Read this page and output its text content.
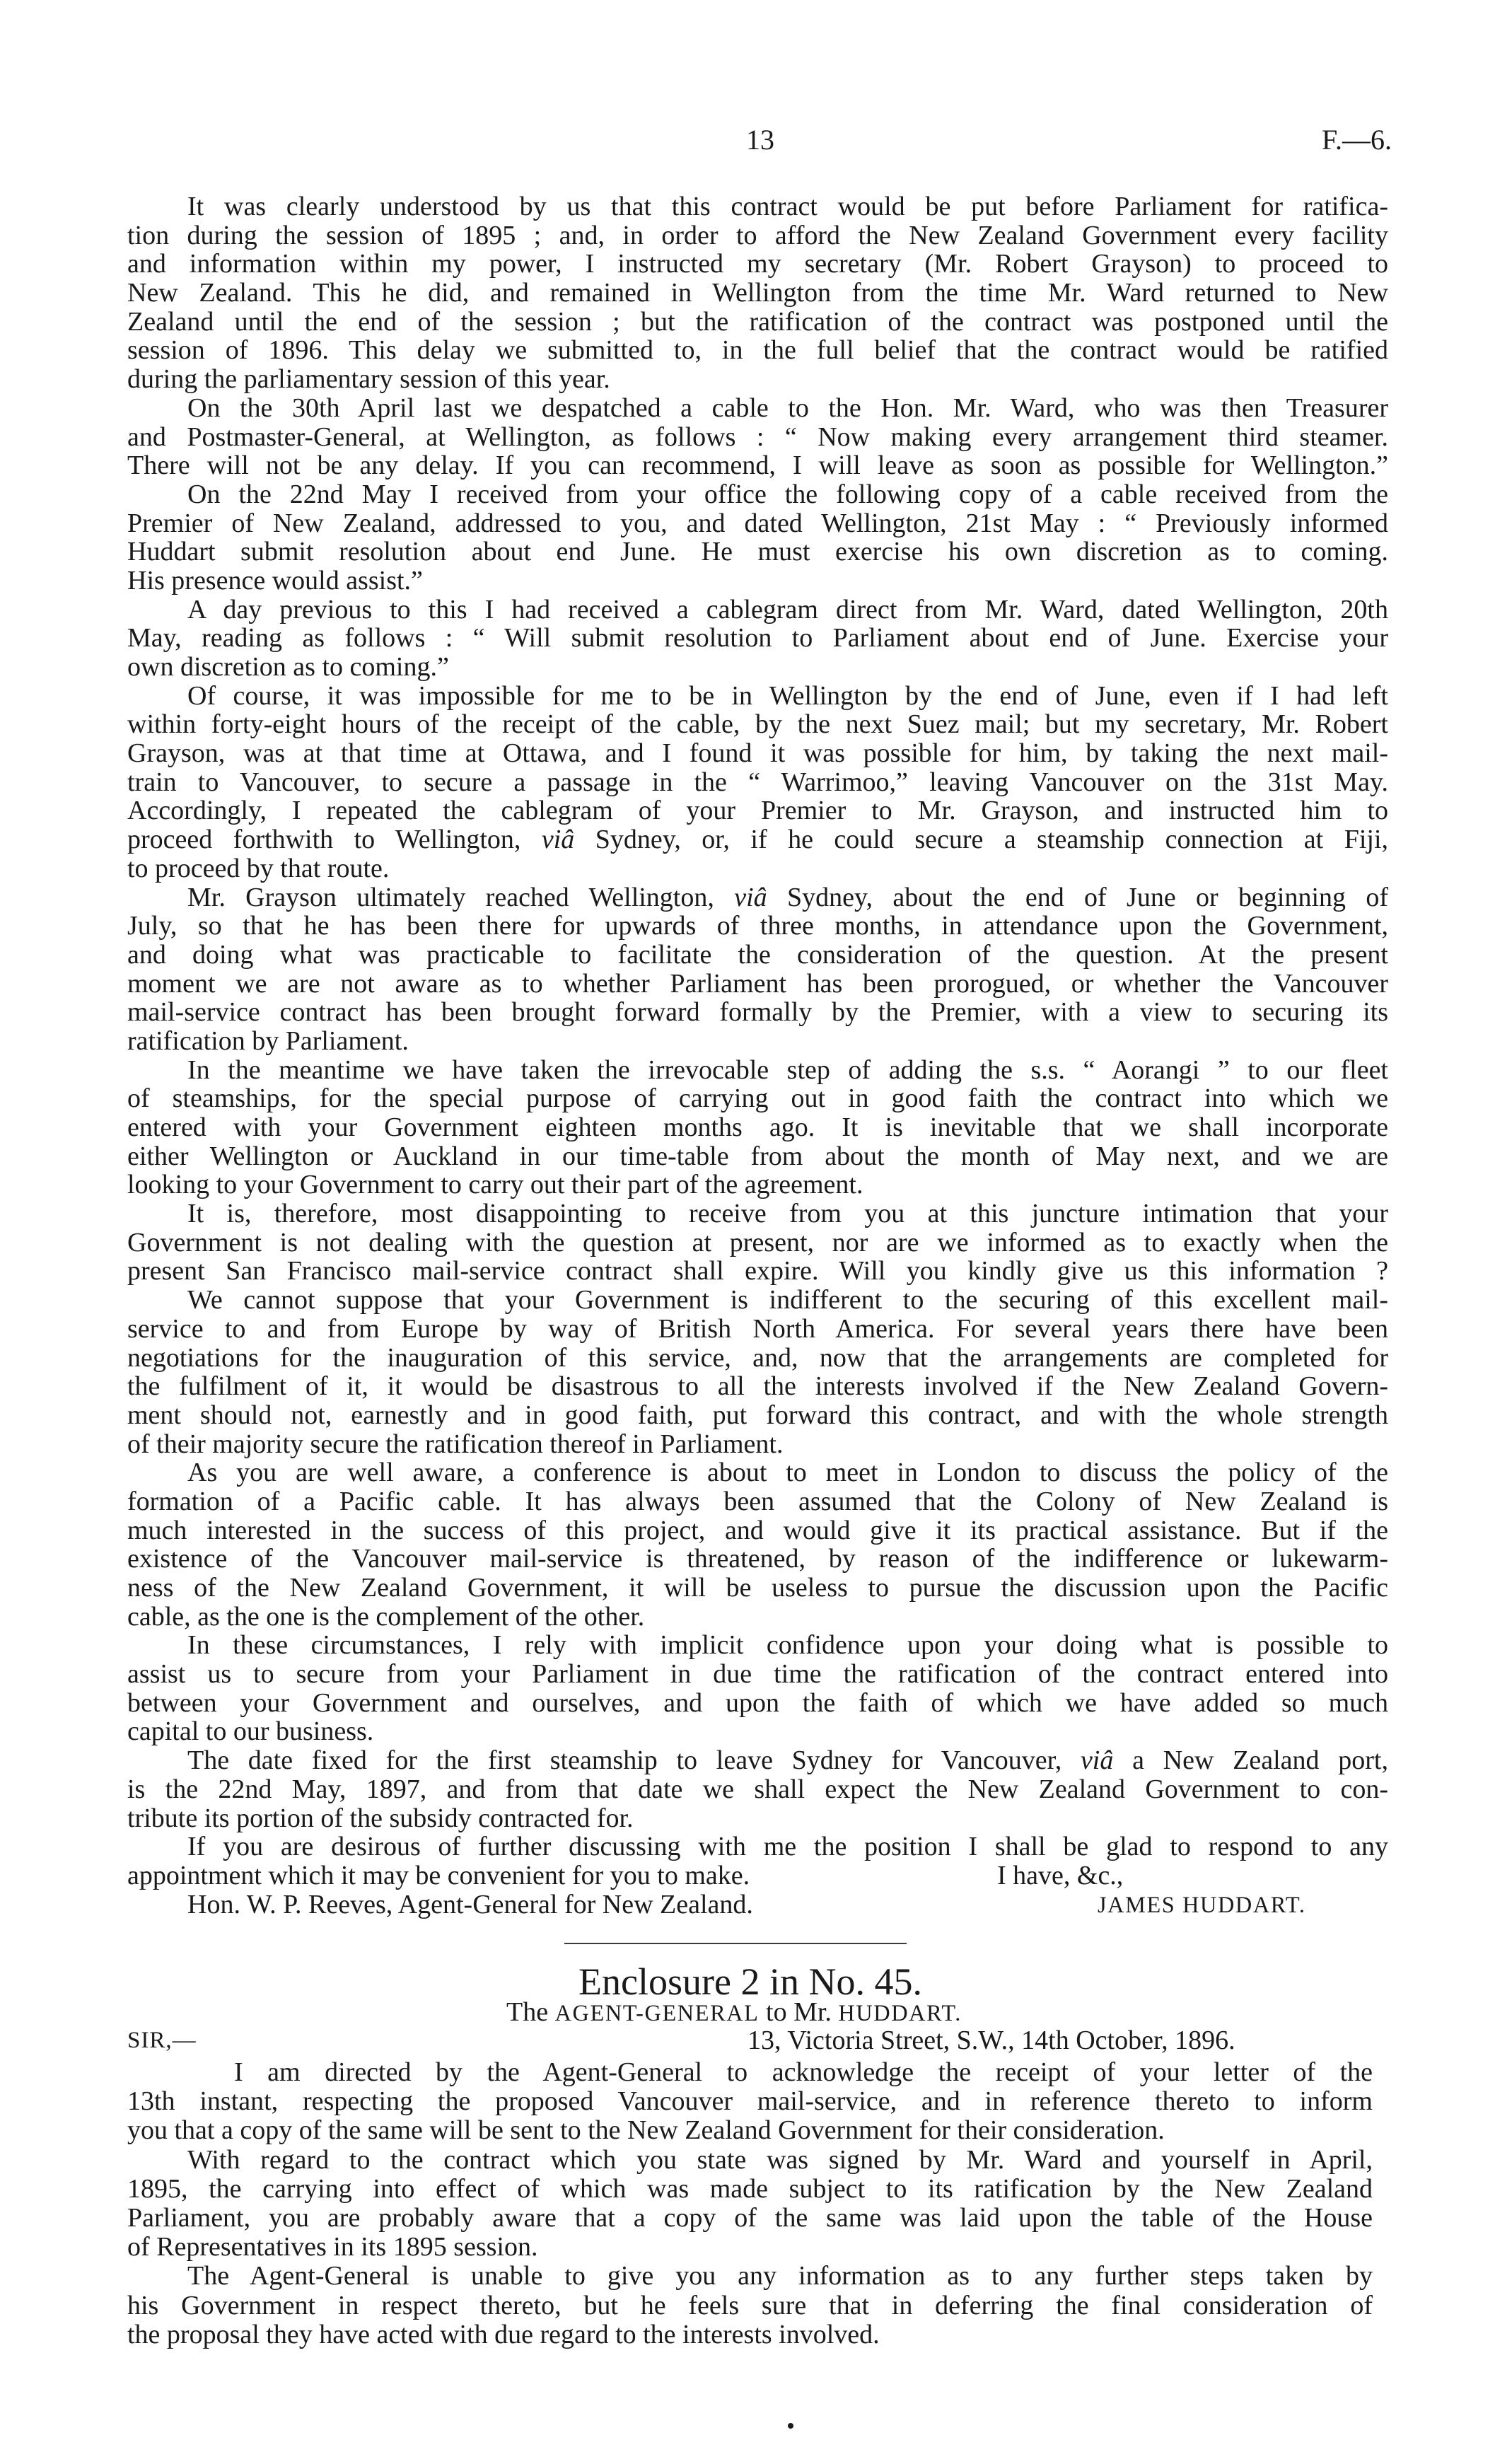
13	F.—6.
It was clearly understood by us that this contract would be put before Parliament for ratifica-
tion during the session of 1895 ; and, in order to afford the New Zealand Government every facility
and information within my power, I instructed my secretary (Mr. Robert Grayson) to proceed to
New Zealand. This he did, and remained in Wellington from the time Mr. Ward returned to New
Zealand until the end of the session ; but the ratification of the contract was postponed until the
session of 1896. This delay we submitted to, in the full belief that the contract would be ratified
during the parliamentary session of this year.
On the 30th April last we despatched a cable to the Hon. Mr. Ward, who was then Treasurer
and Postmaster-General, at Wellington, as follows : “ Now making every arrangement third steamer.
There will not be any delay. If you can recommend, I will leave as soon as possible for Wellington.”
On the 22nd May I received from your office the following copy of a cable received from the
Premier of New Zealand, addressed to you, and dated Wellington, 21st May : “ Previously informed
Huddart submit resolution about end June. He must exercise his own discretion as to coming.
His presence would assist.”
A day previous to this I had received a cablegram direct from Mr. Ward, dated Wellington, 20th
May, reading as follows : “ Will submit resolution to Parliament about end of June. Exercise your
own discretion as to coming.”
Of course, it was impossible for me to be in Wellington by the end of June, even if I had left
within forty-eight hours of the receipt of the cable, by the next Suez mail; but my secretary, Mr. Robert
Grayson, was at that time at Ottawa, and I found it was possible for him, by taking the next mail-
train to Vancouver, to secure a passage in the “ Warrimoo,” leaving Vancouver on the 31st May.
Accordingly, I repeated the cablegram of your Premier to Mr. Grayson, and instructed him to
proceed forthwith to Wellington, viâ Sydney, or, if he could secure a steamship connection at Fiji,
to proceed by that route.
Mr. Grayson ultimately reached Wellington, viâ Sydney, about the end of June or beginning of
July, so that he has been there for upwards of three months, in attendance upon the Government,
and doing what was practicable to facilitate the consideration of the question. At the present
moment we are not aware as to whether Parliament has been prorogued, or whether the Vancouver
mail-service contract has been brought forward formally by the Premier, with a view to securing its
ratification by Parliament.
In the meantime we have taken the irrevocable step of adding the s.s. “ Aorangi ” to our fleet
of steamships, for the special purpose of carrying out in good faith the contract into which we
entered with your Government eighteen months ago. It is inevitable that we shall incorporate
either Wellington or Auckland in our time-table from about the month of May next, and we are
looking to your Government to carry out their part of the agreement.
It is, therefore, most disappointing to receive from you at this juncture intimation that your
Government is not dealing with the question at present, nor are we informed as to exactly when the
present San Francisco mail-service contract shall expire. Will you kindly give us this information ?
We cannot suppose that your Government is indifferent to the securing of this excellent mail-
service to and from Europe by way of British North America. For several years there have been
negotiations for the inauguration of this service, and, now that the arrangements are completed for
the fulfilment of it, it would be disastrous to all the interests involved if the New Zealand Govern-
ment should not, earnestly and in good faith, put forward this contract, and with the whole strength
of their majority secure the ratification thereof in Parliament.
As you are well aware, a conference is about to meet in London to discuss the policy of the
formation of a Pacific cable. It has always been assumed that the Colony of New Zealand is
much interested in the success of this project, and would give it its practical assistance. But if the
existence of the Vancouver mail-service is threatened, by reason of the indifference or lukewarm-
ness of the New Zealand Government, it will be useless to pursue the discussion upon the Pacific
cable, as the one is the complement of the other.
In these circumstances, I rely with implicit confidence upon your doing what is possible to
assist us to secure from your Parliament in due time the ratification of the contract entered into
between your Government and ourselves, and upon the faith of which we have added so much
capital to our business.
The date fixed for the first steamship to leave Sydney for Vancouver, viâ a New Zealand port,
is the 22nd May, 1897, and from that date we shall expect the New Zealand Government to con-
tribute its portion of the subsidy contracted for.
If you are desirous of further discussing with me the position I shall be glad to respond to any
appointment which it may be convenient for you to make.	I have, &c.,
Hon. W. P. Reeves, Agent-General for New Zealand.	JAMES HUDDART.
Enclosure 2 in No. 45.
The AGENT-GENERAL to Mr. HUDDART.
SIR,—	13, Victoria Street, S.W., 14th October, 1896.
I am directed by the Agent-General to acknowledge the receipt of your letter of the
13th instant, respecting the proposed Vancouver mail-service, and in reference thereto to inform
you that a copy of the same will be sent to the New Zealand Government for their consideration.
With regard to the contract which you state was signed by Mr. Ward and yourself in April,
1895, the carrying into effect of which was made subject to its ratification by the New Zealand
Parliament, you are probably aware that a copy of the same was laid upon the table of the House
of Representatives in its 1895 session.
The Agent-General is unable to give you any information as to any further steps taken by
his Government in respect thereto, but he feels sure that in deferring the final consideration of
the proposal they have acted with due regard to the interests involved.
